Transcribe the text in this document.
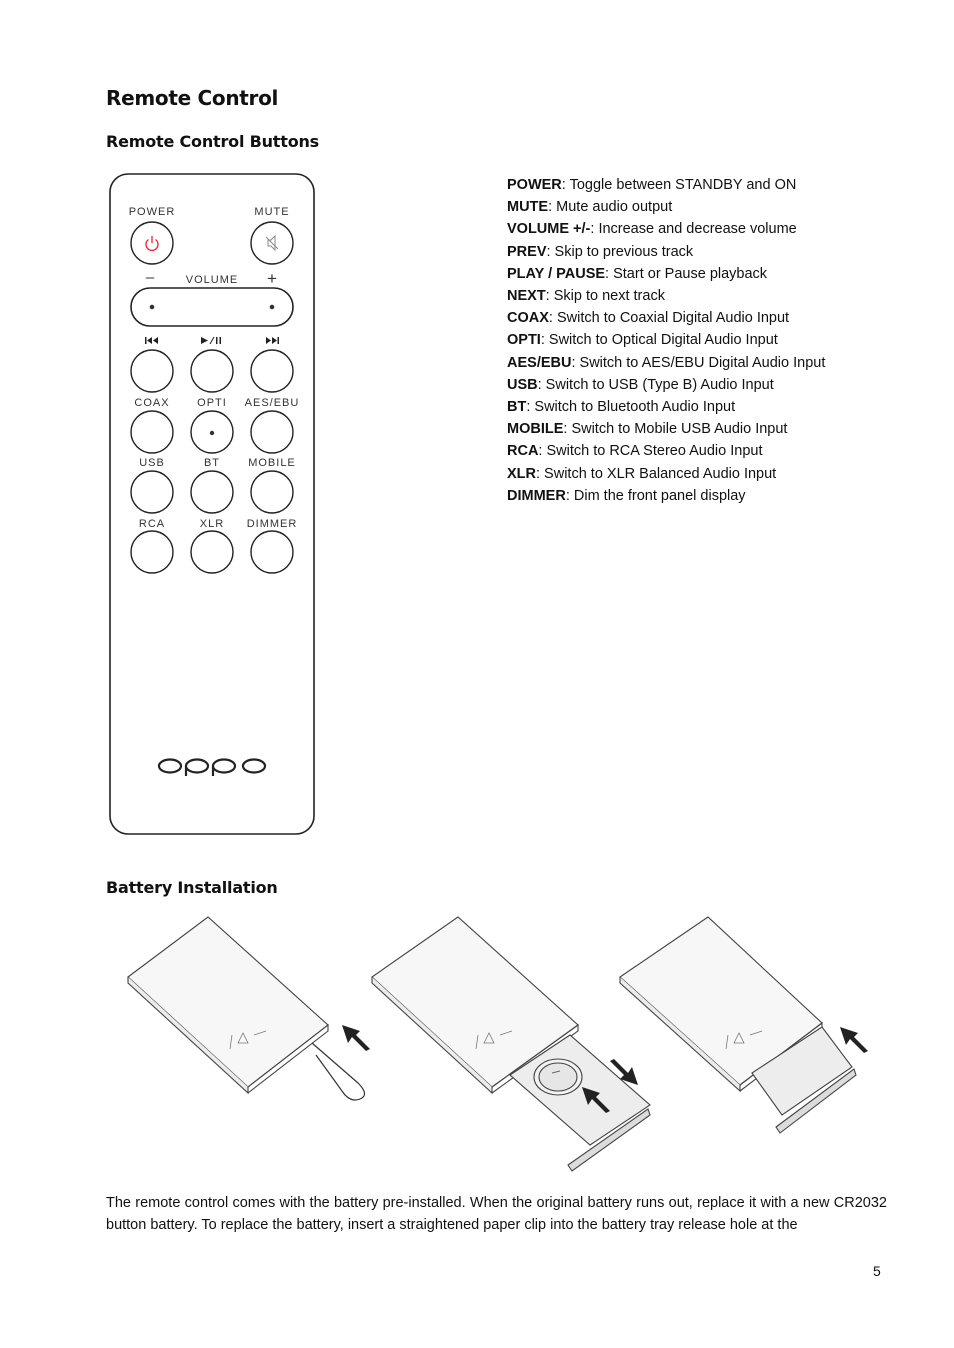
Remote Control
Remote Control Buttons
POWER	MUTE
–	VOLUME +
COAX	OPTI AES/EBU
USB	BT	MOBILE
RCA	XLR DIMMER
POWER: Toggle between STANDBY and ON
MUTE: Mute audio output
VOLUME +/-: Increase and decrease volume
PREV: Skip to previous track
PLAY / PAUSE: Start or Pause playback
NEXT: Skip to next track
COAX: Switch to Coaxial Digital Audio Input
OPTI: Switch to Optical Digital Audio Input
AES/EBU: Switch to AES/EBU Digital Audio Input
USB: Switch to USB (Type B) Audio Input
BT: Switch to Bluetooth Audio Input
MOBILE: Switch to Mobile USB Audio Input
RCA: Switch to RCA Stereo Audio Input
XLR: Switch to XLR Balanced Audio Input
DIMMER: Dim the front panel display
Battery Installation

The remote control comes with the battery pre-installed. When the original battery runs out, replace it with a new CR2032 button battery. To replace the battery, insert a straightened paper clip into the battery tray release hole at the

5
